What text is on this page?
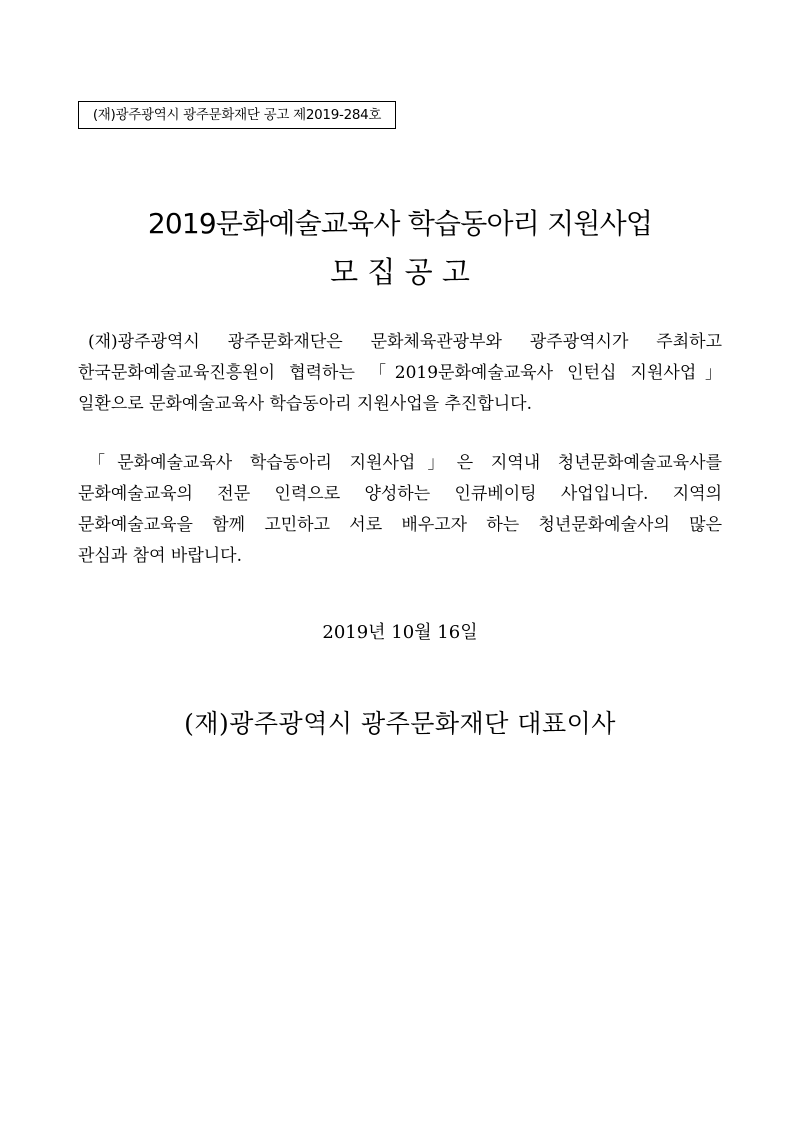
(재)광주광역시 광주문화재단 공고 제2019-284호
2019문화예술교육사 학습동아리 지원사업
모 집 공 고
(재)광주광역시 광주문화재단은 문화체육관광부와 광주광역시가 주최하고
한국문화예술교육진흥원이 협력하는 「2019문화예술교육사 인턴십 지원사업」
일환으로 문화예술교육사 학습동아리 지원사업을 추진합니다.
「문화예술교육사 학습동아리 지원사업」은 지역내 청년문화예술교육사를
문화예술교육의 전문 인력으로 양성하는 인큐베이팅 사업입니다. 지역의
문화예술교육을 함께 고민하고 서로 배우고자 하는 청년문화예술사의 많은
관심과 참여 바랍니다.
2019년 10월 16일
(재)광주광역시 광주문화재단 대표이사
